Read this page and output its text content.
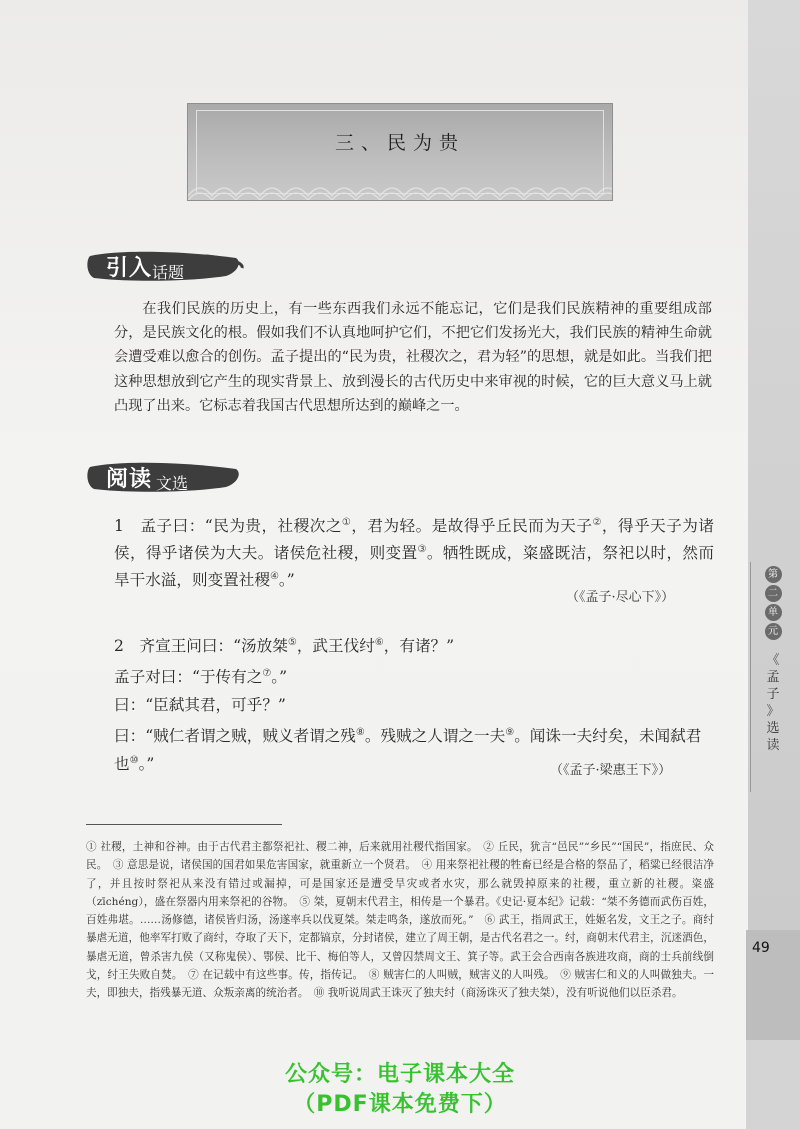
第
二
单
元
《
孟
子
》
选
读
49
三、民为贵
引入 话题
在我们民族的历史上，有一些东西我们永远不能忘记，它们是我们民族精神的重要组成部分，是民族文化的根。假如我们不认真地呵护它们，不把它们发扬光大，我们民族的精神生命就会遭受难以愈合的创伤。孟子提出的“民为贵，社稷次之，君为轻”的思想，就是如此。当我们把这种思想放到它产生的现实背景上、放到漫长的古代历史中来审视的时候，它的巨大意义马上就凸现了出来。它标志着我国古代思想所达到的巅峰之一。
阅读 文选

1　孟子曰：“民为贵，社稷次之①，君为轻。是故得乎丘民而为天子②，得乎天子为诸侯，得乎诸侯为大夫。诸侯危社稷，则变置③。牺牲既成，粢盛既洁，祭祀以时，然而旱干水溢，则变置社稷④。”

（《孟子·尽心下》）
2　齐宣王问曰：“汤放桀⑤，武王伐纣⑥，有诸？”
孟子对曰：“于传有之⑦。”
曰：“臣弑其君，可乎？”
曰：“贼仁者谓之贼，贼义者谓之残⑧。残贼之人谓之一夫⑨。闻诛一夫纣矣，未闻弑君也⑩。”	（《孟子·梁惠王下》）
① 社稷，土神和谷神。由于古代君主都祭祀社、稷二神，后来就用社稷代指国家。　② 丘民，犹言“邑民”“乡民”“国民”，指庶民、众民。　③ 意思是说，诸侯国的国君如果危害国家，就重新立一个贤君。　④ 用来祭祀社稷的牲畜已经是合格的祭品了，稻粱已经很洁净了，并且按时祭祀从来没有错过或漏掉，可是国家还是遭受旱灾或者水灾，那么就毁掉原来的社稷，重立新的社稷。粢盛（zīchéng），盛在祭器内用来祭祀的谷物。　⑤ 桀，夏朝末代君主，相传是一个暴君。《史记·夏本纪》记载：“桀不务德而武伤百姓，百姓弗堪。……汤修德，诸侯皆归汤，汤遂率兵以伐夏桀。桀走鸣条，遂放而死。”　⑥ 武王，指周武王，姓姬名发，文王之子。商纣暴虐无道，他率军打败了商纣，夺取了天下，定都镐京，分封诸侯，建立了周王朝，是古代名君之一。纣，商朝末代君主，沉迷酒色，暴虐无道，曾杀害九侯（又称鬼侯）、鄂侯、比干、梅伯等人，又曾囚禁周文王、箕子等。武王会合西南各族进攻商，商的士兵前线倒戈，纣王失败自焚。　⑦ 在记载中有这些事。传，指传记。　⑧ 贼害仁的人叫贼，贼害义的人叫残。　⑨ 贼害仁和义的人叫做独夫。一夫，即独夫，指残暴无道、众叛亲离的统治者。　⑩ 我听说周武王诛灭了独夫纣（商汤诛灭了独夫桀），没有听说他们以臣杀君。
公众号：电子课本大全
（PDF课本免费下）
